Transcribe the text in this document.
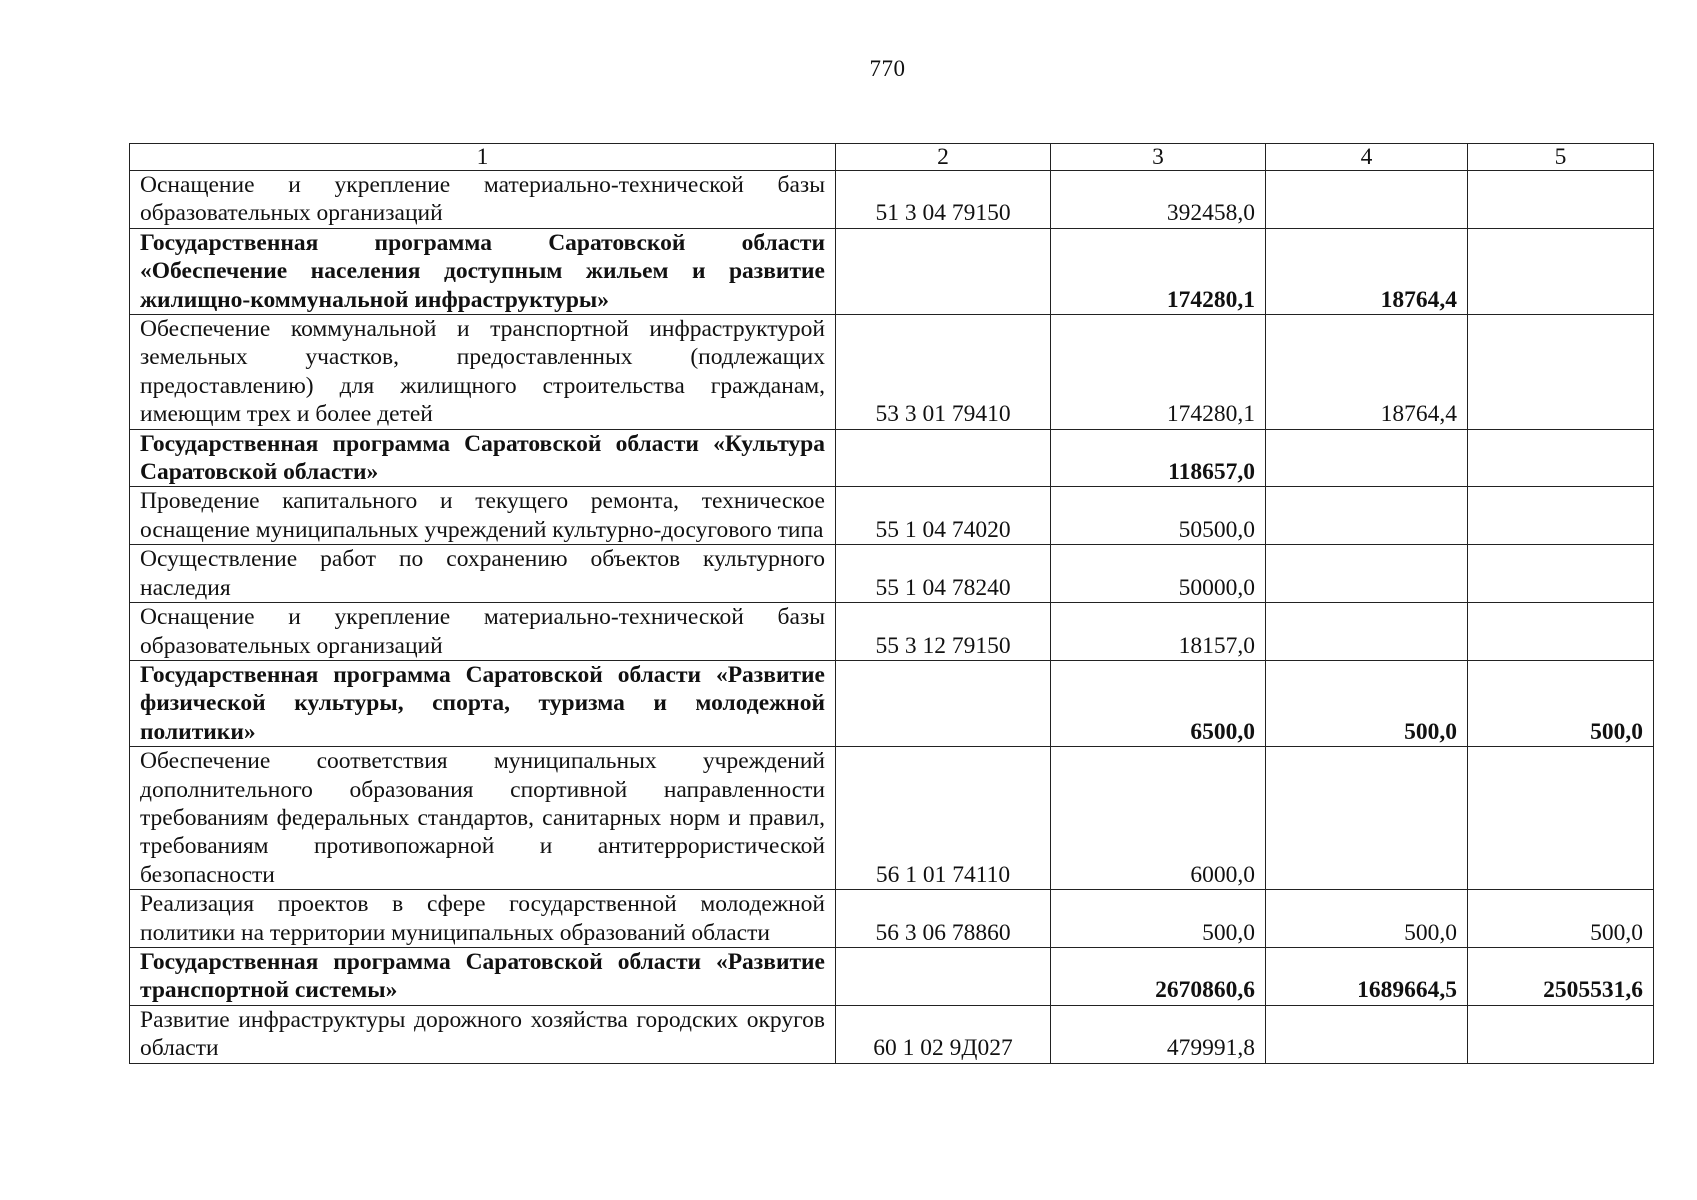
770
1	2	3	4	5
Оснащение и укрепление материально-технической базы образовательных организаций	51 3 04 79150	392458,0		
Государственная программа Саратовской области «Обеспечение населения доступным жильем и развитие жилищно-коммунальной инфраструктуры»		174280,1	18764,4	
Обеспечение коммунальной и транспортной инфраструктурой земельных участков, предоставленных (подлежащих предоставлению) для жилищного строительства гражданам, имеющим трех и более детей	53 3 01 79410	174280,1	18764,4	
Государственная программа Саратовской области «Культура Саратовской области»		118657,0		
Проведение капитального и текущего ремонта, техническое оснащение муниципальных учреждений культурно-досугового типа	55 1 04 74020	50500,0		
Осуществление работ по сохранению объектов культурного наследия	55 1 04 78240	50000,0		
Оснащение и укрепление материально-технической базы образовательных организаций	55 3 12 79150	18157,0		
Государственная программа Саратовской области «Развитие физической культуры, спорта, туризма и молодежной политики»		6500,0	500,0	500,0
Обеспечение соответствия муниципальных учреждений дополнительного образования спортивной направленности требованиям федеральных стандартов, санитарных норм и правил, требованиям противопожарной и антитеррористической безопасности	56 1 01 74110	6000,0		
Реализация проектов в сфере государственной молодежной политики на территории муниципальных образований области	56 3 06 78860	500,0	500,0	500,0
Государственная программа Саратовской области «Развитие транспортной системы»		2670860,6	1689664,5	2505531,6
Развитие инфраструктуры дорожного хозяйства городских округов области	60 1 02 9Д027	479991,8		
